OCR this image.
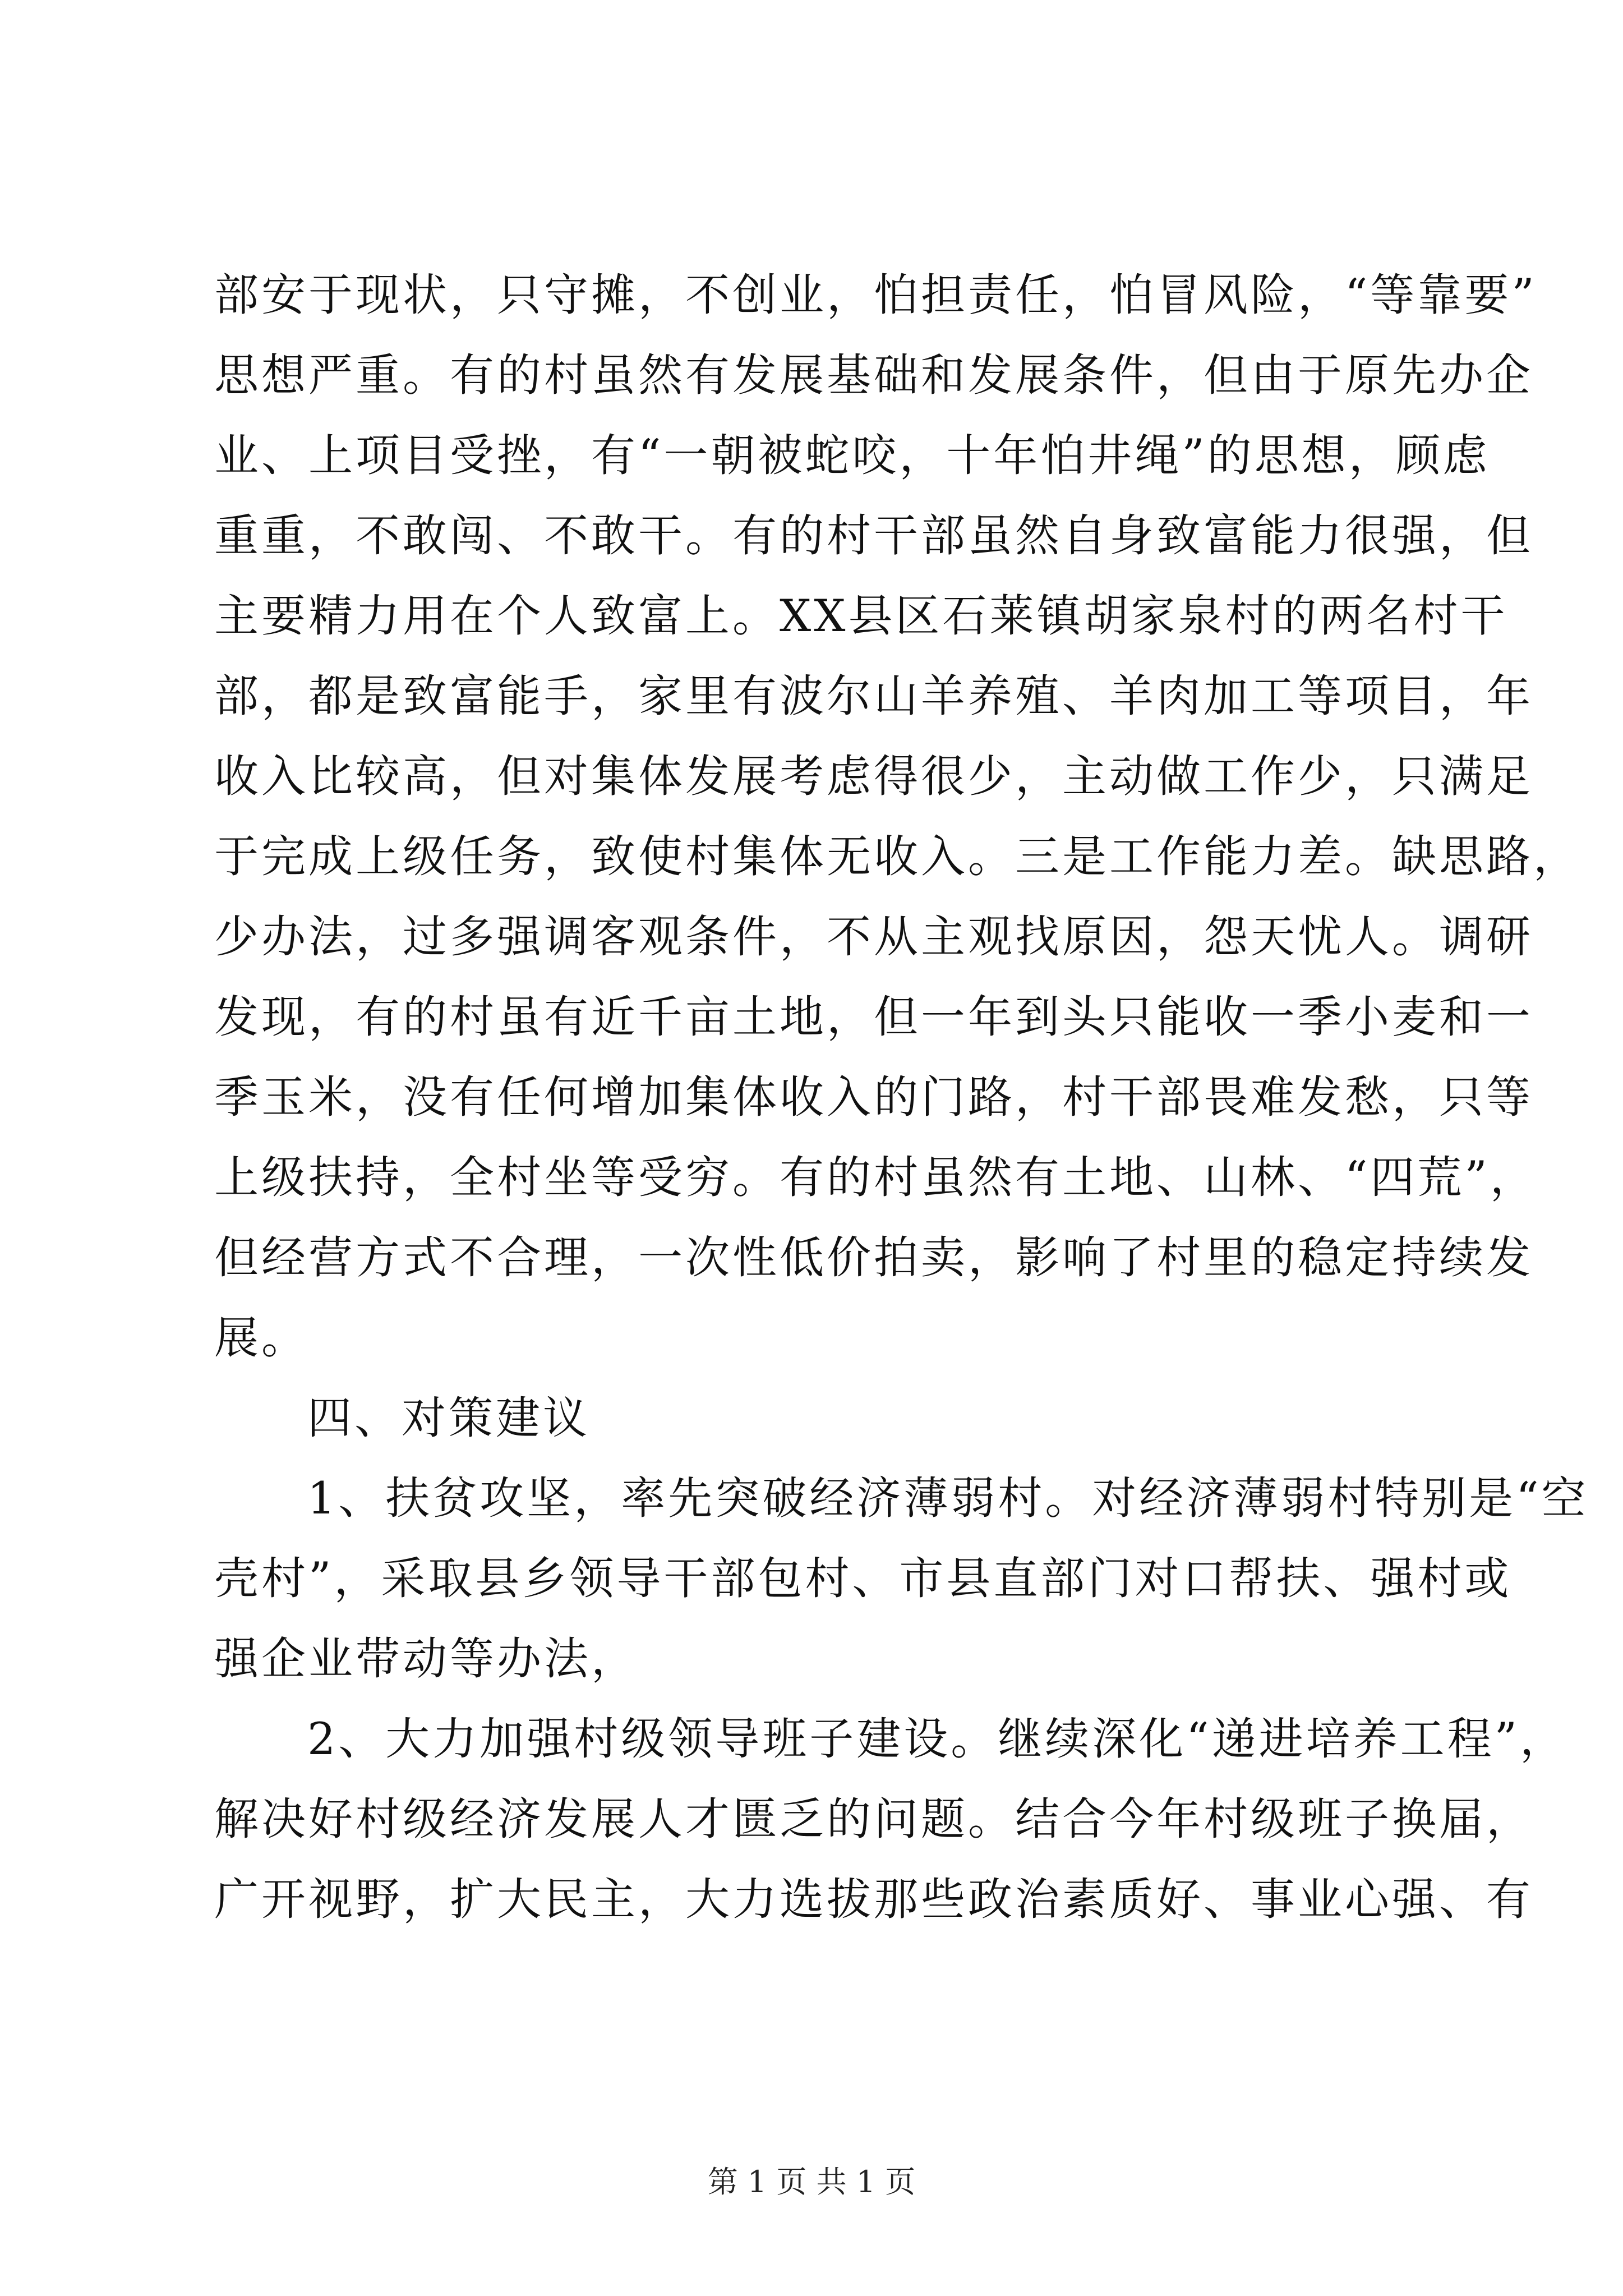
部安于现状，只守摊，不创业，怕担责任，怕冒风险，“等靠要”
思想严重。有的村虽然有发展基础和发展条件，但由于原先办企
业、上项目受挫，有“一朝被蛇咬，十年怕井绳”的思想，顾虑
重重，不敢闯、不敢干。有的村干部虽然自身致富能力很强，但
主要精力用在个人致富上。XX县区石莱镇胡家泉村的两名村干
部，都是致富能手，家里有波尔山羊养殖、羊肉加工等项目，年
收入比较高，但对集体发展考虑得很少，主动做工作少，只满足
于完成上级任务，致使村集体无收入。三是工作能力差。缺思路，
少办法，过多强调客观条件，不从主观找原因，怨天忧人。调研
发现，有的村虽有近千亩土地，但一年到头只能收一季小麦和一
季玉米，没有任何增加集体收入的门路，村干部畏难发愁，只等
上级扶持，全村坐等受穷。有的村虽然有土地、山林、“四荒”，
但经营方式不合理，一次性低价拍卖，影响了村里的稳定持续发
展。
四、对策建议
1、扶贫攻坚，率先突破经济薄弱村。对经济薄弱村特别是“空
壳村”，采取县乡领导干部包村、市县直部门对口帮扶、强村或
强企业带动等办法，
2、大力加强村级领导班子建设。继续深化“递进培养工程”，
解决好村级经济发展人才匮乏的问题。结合今年村级班子换届，
广开视野，扩大民主，大力选拔那些政治素质好、事业心强、有
第 1 页 共 1 页
